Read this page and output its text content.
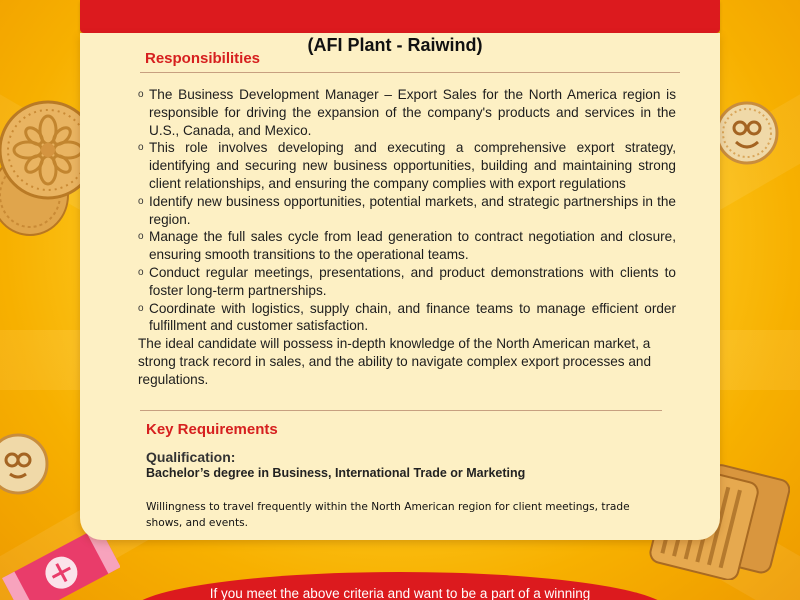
(AFI Plant - Raiwind)
Responsibilities
o The Business Development Manager – Export Sales for the North America region is responsible for driving the expansion of the company's products and services in the U.S., Canada, and Mexico.
o This role involves developing and executing a comprehensive export strategy, identifying and securing new business opportunities, building and maintaining strong client relationships, and ensuring the company complies with export regulations
o Identify new business opportunities, potential markets, and strategic partnerships in the region.
o Manage the full sales cycle from lead generation to contract negotiation and closure, ensuring smooth transitions to the operational teams.
o Conduct regular meetings, presentations, and product demonstrations with clients to foster long-term partnerships.
o Coordinate with logistics, supply chain, and finance teams to manage efficient order fulfillment and customer satisfaction.
The ideal candidate will possess in-depth knowledge of the North American market, a strong track record in sales, and the ability to navigate complex export processes and regulations.
Key Requirements
Qualification:
Bachelor’s degree in Business, International Trade or Marketing
Willingness to travel frequently within the North American region for client meetings, trade shows, and events.
If you meet the above criteria and want to be a part of a winning
